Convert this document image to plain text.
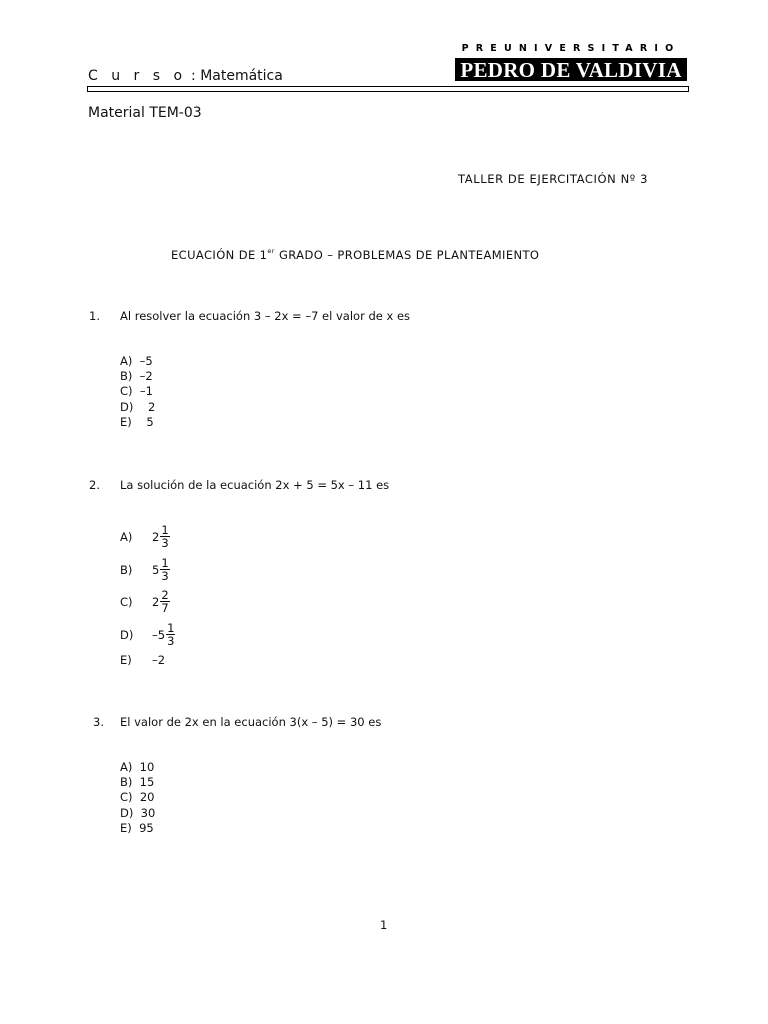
C u r s o : Matemática
PREUNIVERSITARIO
PEDRO DE VALDIVIA
Material TEM-03
TALLER DE EJERCITACIÓN Nº 3
ECUACIÓN DE 1er GRADO – PROBLEMAS DE PLANTEAMIENTO
1. Al resolver la ecuación 3 – 2x = –7 el valor de x es
A)  –5
B)  –2
C)  –1
D)    2
E)    5
2. La solución de la ecuación 2x + 5 = 5x – 11 es
A)	$2 \frac{1}{3}$
B)	$5 \frac{1}{3}$
C)	$2 \frac{2}{7}$
D)	$-5 \frac{1}{3}$
E)	–2
3. El valor de 2x en la ecuación 3(x – 5) = 30 es
A)  10
B)  15
C)  20
D)  30
E)  95
1
